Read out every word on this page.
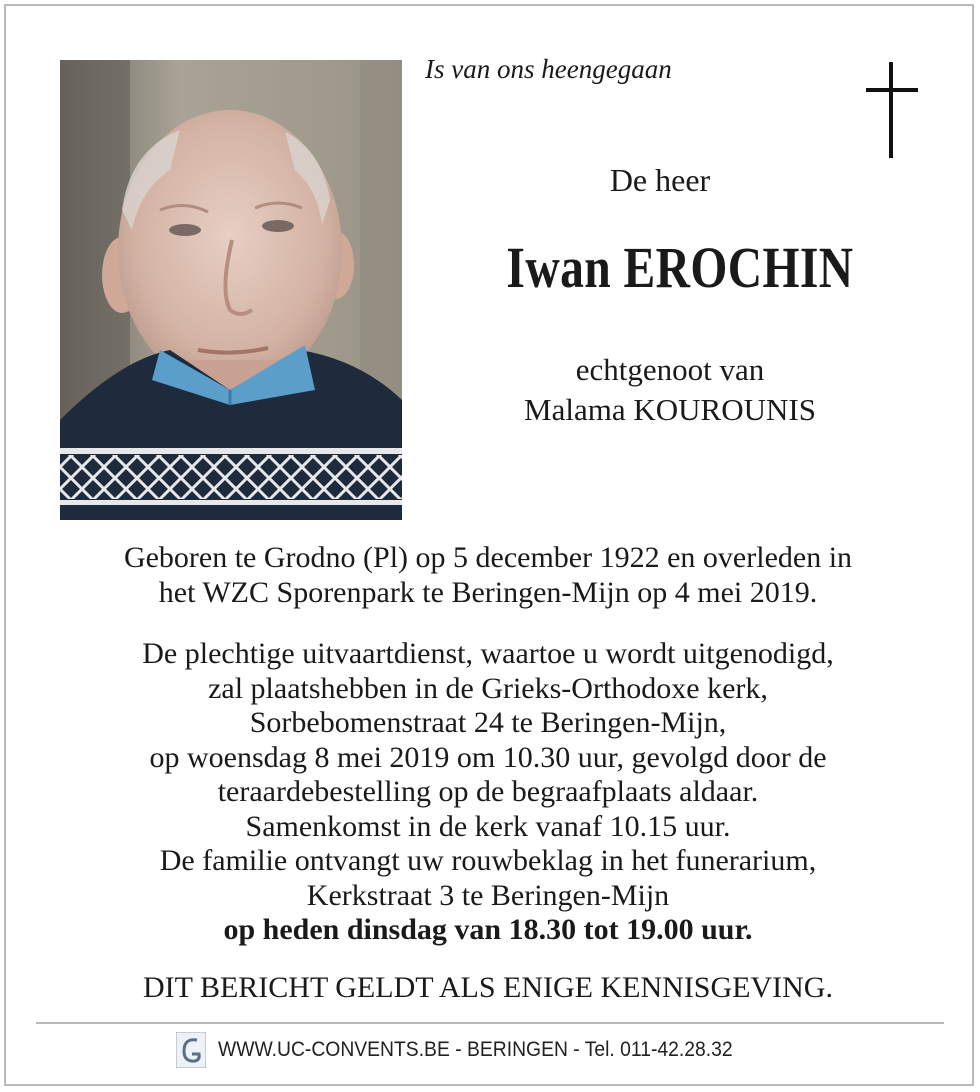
Is van ons heengegaan
De heer
Iwan EROCHIN
echtgenoot van
Malama KOUROUNIS
Geboren te Grodno (Pl) op 5 december 1922 en overleden in
het WZC Sporenpark te Beringen-Mijn op 4 mei 2019.
De plechtige uitvaartdienst, waartoe u wordt uitgenodigd,
zal plaatshebben in de Grieks-Orthodoxe kerk,
Sorbebomenstraat 24 te Beringen-Mijn,
op woensdag 8 mei 2019 om 10.30 uur, gevolgd door de
teraardebestelling op de begraafplaats aldaar.
Samenkomst in de kerk vanaf 10.15 uur.
De familie ontvangt uw rouwbeklag in het funerarium,
Kerkstraat 3 te Beringen-Mijn
op heden dinsdag van 18.30 tot 19.00 uur.
DIT BERICHT GELDT ALS ENIGE KENNISGEVING.
WWW.UC-CONVENTS.BE - BERINGEN - Tel. 011-42.28.32
